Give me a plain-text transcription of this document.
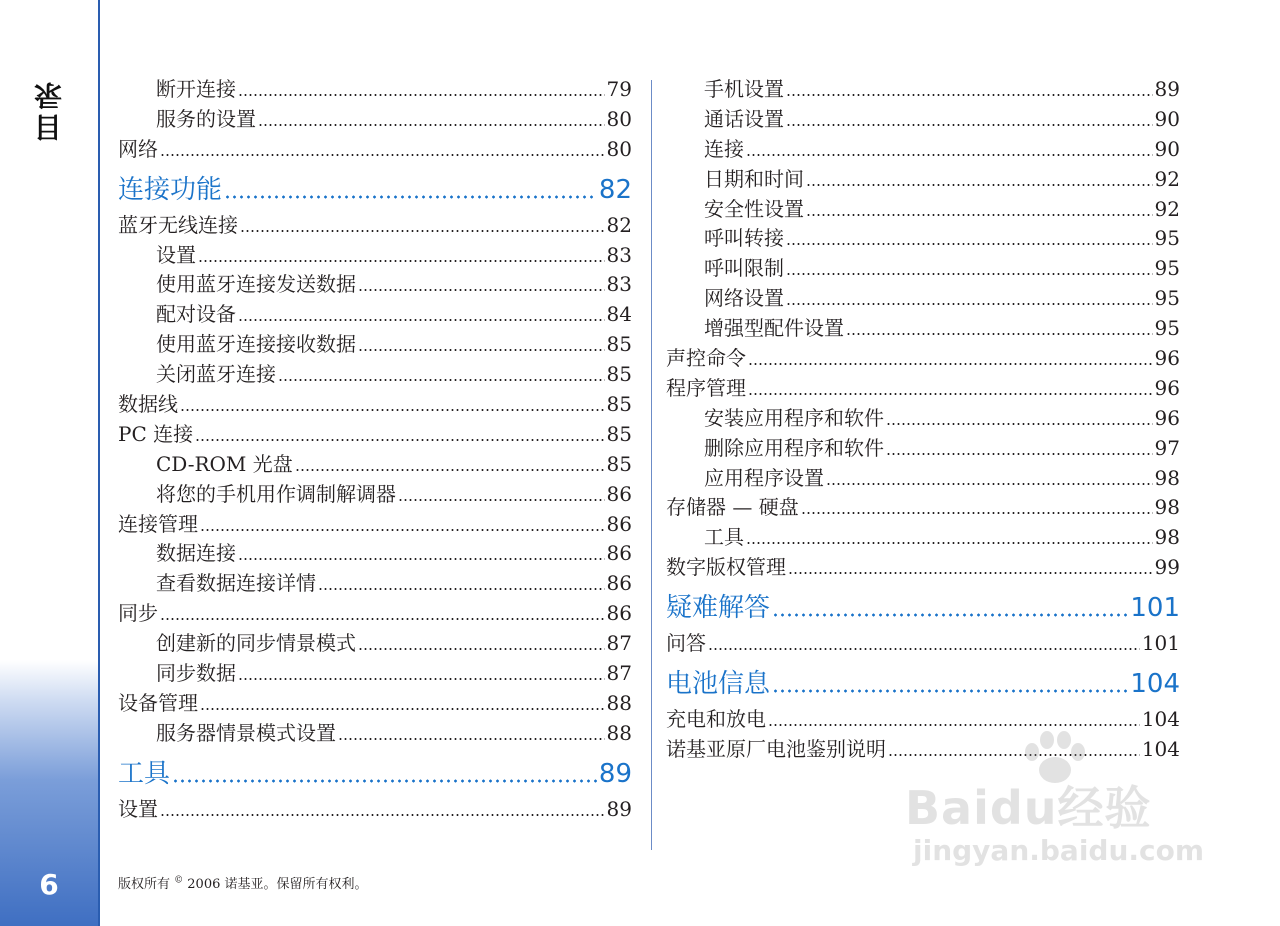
目录
6
断开连接	79
服务的设置	80
网络	80
连接功能	82
蓝牙无线连接	82
设置	83
使用蓝牙连接发送数据	83
配对设备	84
使用蓝牙连接接收数据	85
关闭蓝牙连接	85
数据线	85
PC 连接	85
CD-ROM 光盘	85
将您的手机用作调制解调器	86
连接管理	86
数据连接	86
查看数据连接详情	86
同步	86
创建新的同步情景模式	87
同步数据	87
设备管理	88
服务器情景模式设置	88
工具	89
设置	89
手机设置	89
通话设置	90
连接	90
日期和时间	92
安全性设置	92
呼叫转接	95
呼叫限制	95
网络设置	95
增强型配件设置	95
声控命令	96
程序管理	96
安装应用程序和软件	96
删除应用程序和软件	97
应用程序设置	98
存储器 — 硬盘	98
工具	98
数字版权管理	99
疑难解答	101
问答	101
电池信息	104
充电和放电	104
诺基亚原厂电池鉴别说明	104
版权所有 © 2006 诺基亚。保留所有权利。
Baidu经验
jingyan.baidu.com
